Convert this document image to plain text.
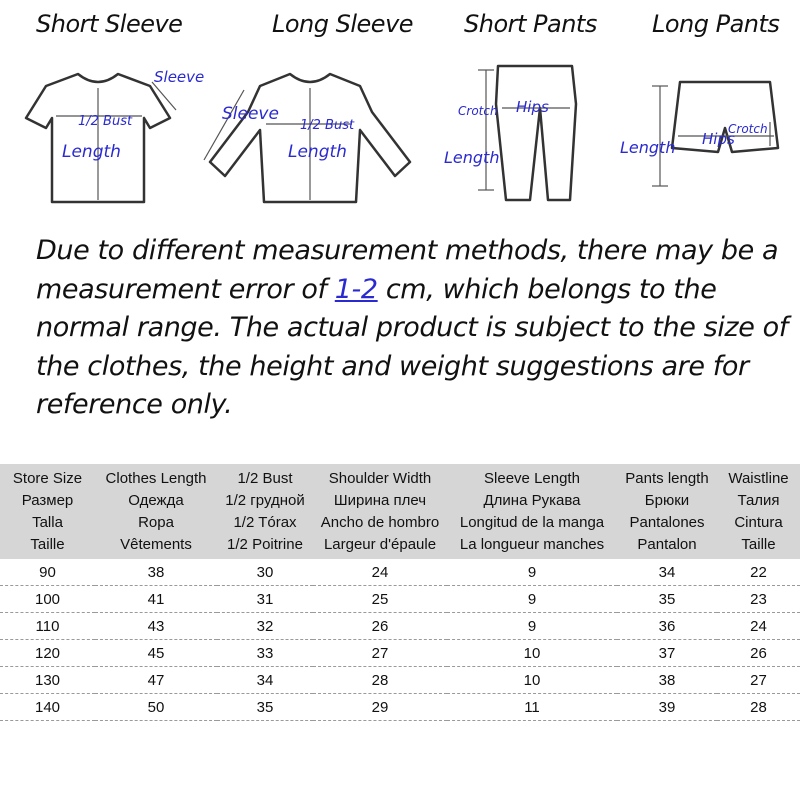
Short Sleeve	Long Sleeve Short Pants Long Pants
Sleeve
1/2 Bust
Length
Sleeve
1/2 Bust
Length
Crotch Hips
Length
Length Hips
Crotch
Due to different measurement methods, there may be a measurement error of 1-2 cm, which belongs to the normal range. The actual product is subject to the size of the clothes, the height and weight suggestions are for reference only.
Store Size	Clothes Length	1/2 Bust	Shoulder Width	Sleeve Length	Pants length	Waistline
Размер	Одежда	1/2 грудной	Ширина плеч	Длина Рукава	Брюки	Талия
Talla	Ropa	1/2 Tórax	Ancho de hombro	Longitud de la manga	Pantalones	Cintura
Taille	Vêtements	1/2 Poitrine	Largeur d'épaule	La longueur manches	Pantalon	Taille
90	38	30	24	9	34	22
100	41	31	25	9	35	23
110	43	32	26	9	36	24
120	45	33	27	10	37	26
130	47	34	28	10	38	27
140	50	35	29	11	39	28
